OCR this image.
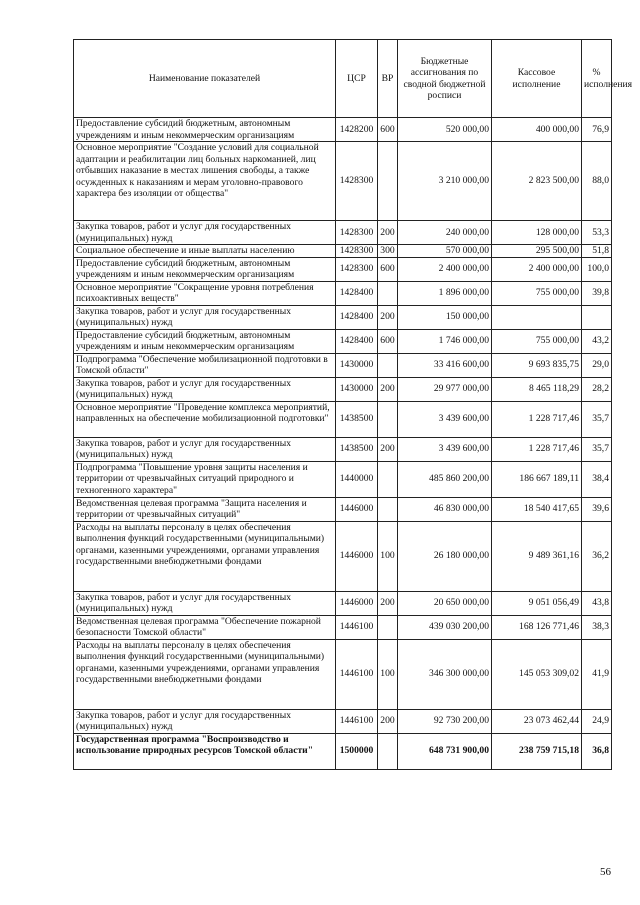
Наименование показателей	ЦСР	ВР	Бюджетные ассигнования по сводной бюджетной росписи	Кассовое исполнение	% исполнения
Предоставление субсидий бюджетным, автономным учреждениям и иным некоммерческим организациям	1428200	600	520 000,00	400 000,00	76,9
Основное мероприятие "Создание условий для социальной адаптации и реабилитации лиц больных наркоманией, лиц отбывших наказание в местах лишения свободы, а также осужденных к наказаниям и мерам уголовно-правового характера без изоляции от общества"	1428300		3 210 000,00	2 823 500,00	88,0
Закупка товаров, работ и услуг для государственных (муниципальных) нужд	1428300	200	240 000,00	128 000,00	53,3
Социальное обеспечение и иные выплаты населению	1428300	300	570 000,00	295 500,00	51,8
Предоставление субсидий бюджетным, автономным учреждениям и иным некоммерческим организациям	1428300	600	2 400 000,00	2 400 000,00	100,0
Основное мероприятие "Сокращение уровня потребления психоактивных веществ"	1428400		1 896 000,00	755 000,00	39,8
Закупка товаров, работ и услуг для государственных (муниципальных) нужд	1428400	200	150 000,00		
Предоставление субсидий бюджетным, автономным учреждениям и иным некоммерческим организациям	1428400	600	1 746 000,00	755 000,00	43,2
Подпрограмма "Обеспечение мобилизационной подготовки в Томской области"	1430000		33 416 600,00	9 693 835,75	29,0
Закупка товаров, работ и услуг для государственных (муниципальных) нужд	1430000	200	29 977 000,00	8 465 118,29	28,2
Основное мероприятие "Проведение комплекса мероприятий, направленных на обеспечение мобилизационной подготовки"	1438500		3 439 600,00	1 228 717,46	35,7
Закупка товаров, работ и услуг для государственных (муниципальных) нужд	1438500	200	3 439 600,00	1 228 717,46	35,7
Подпрограмма "Повышение уровня защиты населения и территории от чрезвычайных ситуаций природного и техногенного характера"	1440000		485 860 200,00	186 667 189,11	38,4
Ведомственная целевая программа "Защита населения и территории от чрезвычайных ситуаций"	1446000		46 830 000,00	18 540 417,65	39,6
Расходы на выплаты персоналу в целях обеспечения выполнения функций государственными (муниципальными) органами, казенными учреждениями, органами управления государственными внебюджетными фондами	1446000	100	26 180 000,00	9 489 361,16	36,2
Закупка товаров, работ и услуг для государственных (муниципальных) нужд	1446000	200	20 650 000,00	9 051 056,49	43,8
Ведомственная целевая программа "Обеспечение пожарной безопасности Томской области"	1446100		439 030 200,00	168 126 771,46	38,3
Расходы на выплаты персоналу в целях обеспечения выполнения функций государственными (муниципальными) органами, казенными учреждениями, органами управления государственными внебюджетными фондами	1446100	100	346 300 000,00	145 053 309,02	41,9
Закупка товаров, работ и услуг для государственных (муниципальных) нужд	1446100	200	92 730 200,00	23 073 462,44	24,9
Государственная программа "Воспроизводство и использование природных ресурсов Томской области"	1500000		648 731 900,00	238 759 715,18	36,8
56
